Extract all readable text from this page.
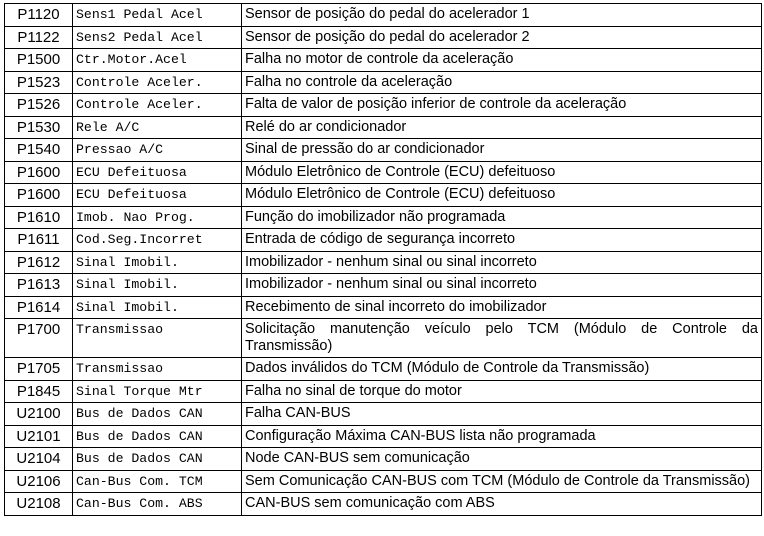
P1120	Sens1 Pedal Acel	Sensor de posição do pedal do acelerador 1
P1122	Sens2 Pedal Acel	Sensor de posição do pedal do acelerador 2
P1500	Ctr.Motor.Acel	Falha no motor de controle da aceleração
P1523	Controle Aceler.	Falha no controle da aceleração
P1526	Controle Aceler.	Falta de valor de posição inferior de controle da aceleração
P1530	Rele A/C	Relé do ar condicionador
P1540	Pressao A/C	Sinal de pressão do ar condicionador
P1600	ECU Defeituosa	Módulo Eletrônico de Controle (ECU) defeituoso
P1600	ECU Defeituosa	Módulo Eletrônico de Controle (ECU) defeituoso
P1610	Imob. Nao Prog.	Função do imobilizador não programada
P1611	Cod.Seg.Incorret	Entrada de código de segurança incorreto
P1612	Sinal Imobil.	Imobilizador - nenhum sinal ou sinal incorreto
P1613	Sinal Imobil.	Imobilizador - nenhum sinal ou sinal incorreto
P1614	Sinal Imobil.	Recebimento de sinal incorreto do imobilizador
P1700	Transmissao	Solicitação manutenção veículo pelo TCM (Módulo de Controle da Transmissão)
P1705	Transmissao	Dados inválidos do TCM (Módulo de Controle da Transmissão)
P1845	Sinal Torque Mtr	Falha no sinal de torque do motor
U2100	Bus de Dados CAN	Falha CAN-BUS
U2101	Bus de Dados CAN	Configuração Máxima CAN-BUS lista não programada
U2104	Bus de Dados CAN	Node CAN-BUS sem comunicação
U2106	Can-Bus Com. TCM	Sem Comunicação CAN-BUS com TCM (Módulo de Controle da Transmissão)
U2108	Can-Bus Com. ABS	CAN-BUS sem comunicação com ABS
